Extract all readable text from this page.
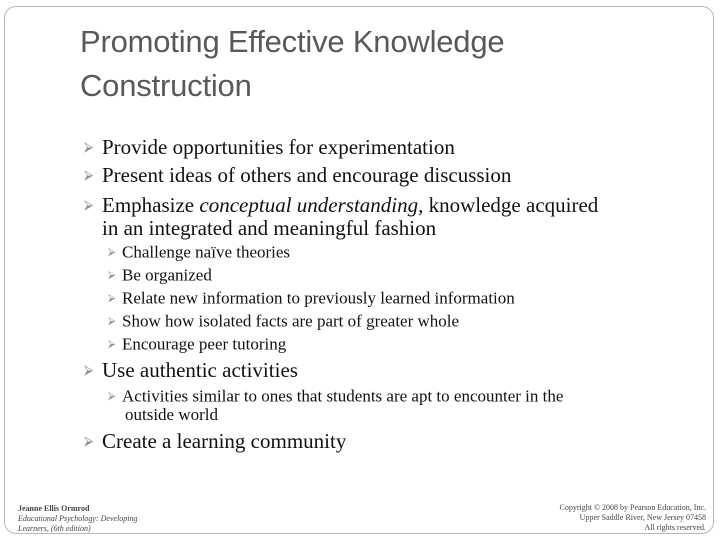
Promoting Effective Knowledge
Construction
⮚ Provide opportunities for experimentation
⮚ Present ideas of others and encourage discussion
⮚ Emphasize conceptual understanding, knowledge acquired
in an integrated and meaningful fashion
⮚ Challenge naïve theories
⮚ Be organized
⮚ Relate new information to previously learned information
⮚ Show how isolated facts are part of greater whole
⮚ Encourage peer tutoring
⮚ Use authentic activities
⮚ Activities similar to ones that students are apt to encounter in the
outside world
⮚ Create a learning community
Jeanne Ellis Ormrod
Educational Psychology: Developing
Learners, (6th edition)
Copyright © 2008 by Pearson Education, Inc.
Upper Saddle River, New Jersey 07458
All rights reserved.
